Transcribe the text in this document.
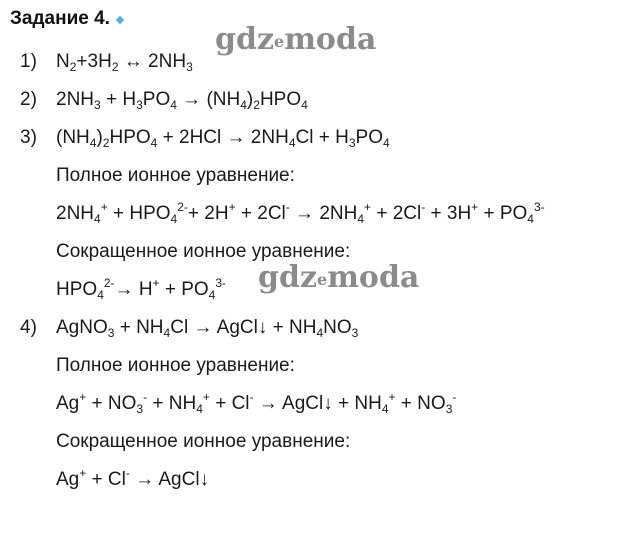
Задание 4.
1) $N_2+3H_2$ ↔ $2NH_3$
gdzemoda
2) $2NH_3 + H_3PO_4 \to (NH_4)_2HPO_4$
3) $(NH_4)_2HPO_4 + 2HCl \to 2NH_4Cl + H_3PO_4$
Полное ионное уравнение:
$2NH_4^+ + HPO_4^{2-}+ 2H^+ + 2Cl^- \to 2NH_4^+ + 2Cl^- + 3H^+ + PO_4^{3-}$
Сокращенное ионное уравнение:
$HPO_4^{2-}\to H^+ + PO_4^{3-}$ gdzemoda
4) AgNO$_3$ + $NH_4Cl$ → AgCl↓ + $NH_4NO_3$
Полное ионное уравнение:
$Ag^+ + NO_3^- + NH_4^+ + Cl^-$ → AgCl↓ + $NH_4^+ + NO_3^-$
Сокращенное ионное уравнение:
Ag+ + Cl- → AgCl↓
